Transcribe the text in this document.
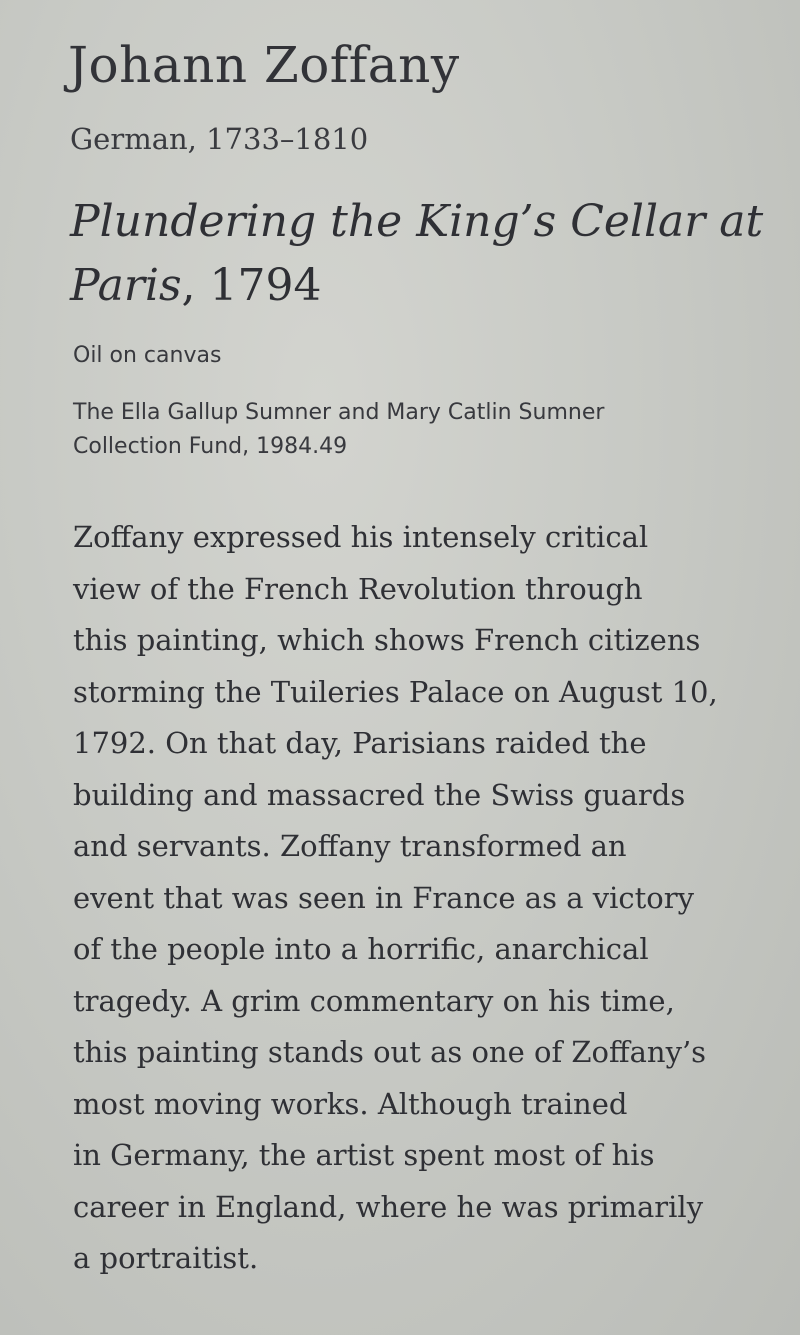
Johann Zoffany

German, 1733–1810

Plundering the King’s Cellar at Paris, 1794

Oil on canvas

The Ella Gallup Sumner and Mary Catlin Sumner
Collection Fund, 1984.49

Zoffany expressed his intensely critical
view of the French Revolution through
this painting, which shows French citizens
storming the Tuileries Palace on August 10,
1792. On that day, Parisians raided the
building and massacred the Swiss guards
and servants. Zoffany transformed an
event that was seen in France as a victory
of the people into a horrific, anarchical
tragedy. A grim commentary on his time,
this painting stands out as one of Zoffany’s
most moving works. Although trained
in Germany, the artist spent most of his
career in England, where he was primarily
a portraitist.
